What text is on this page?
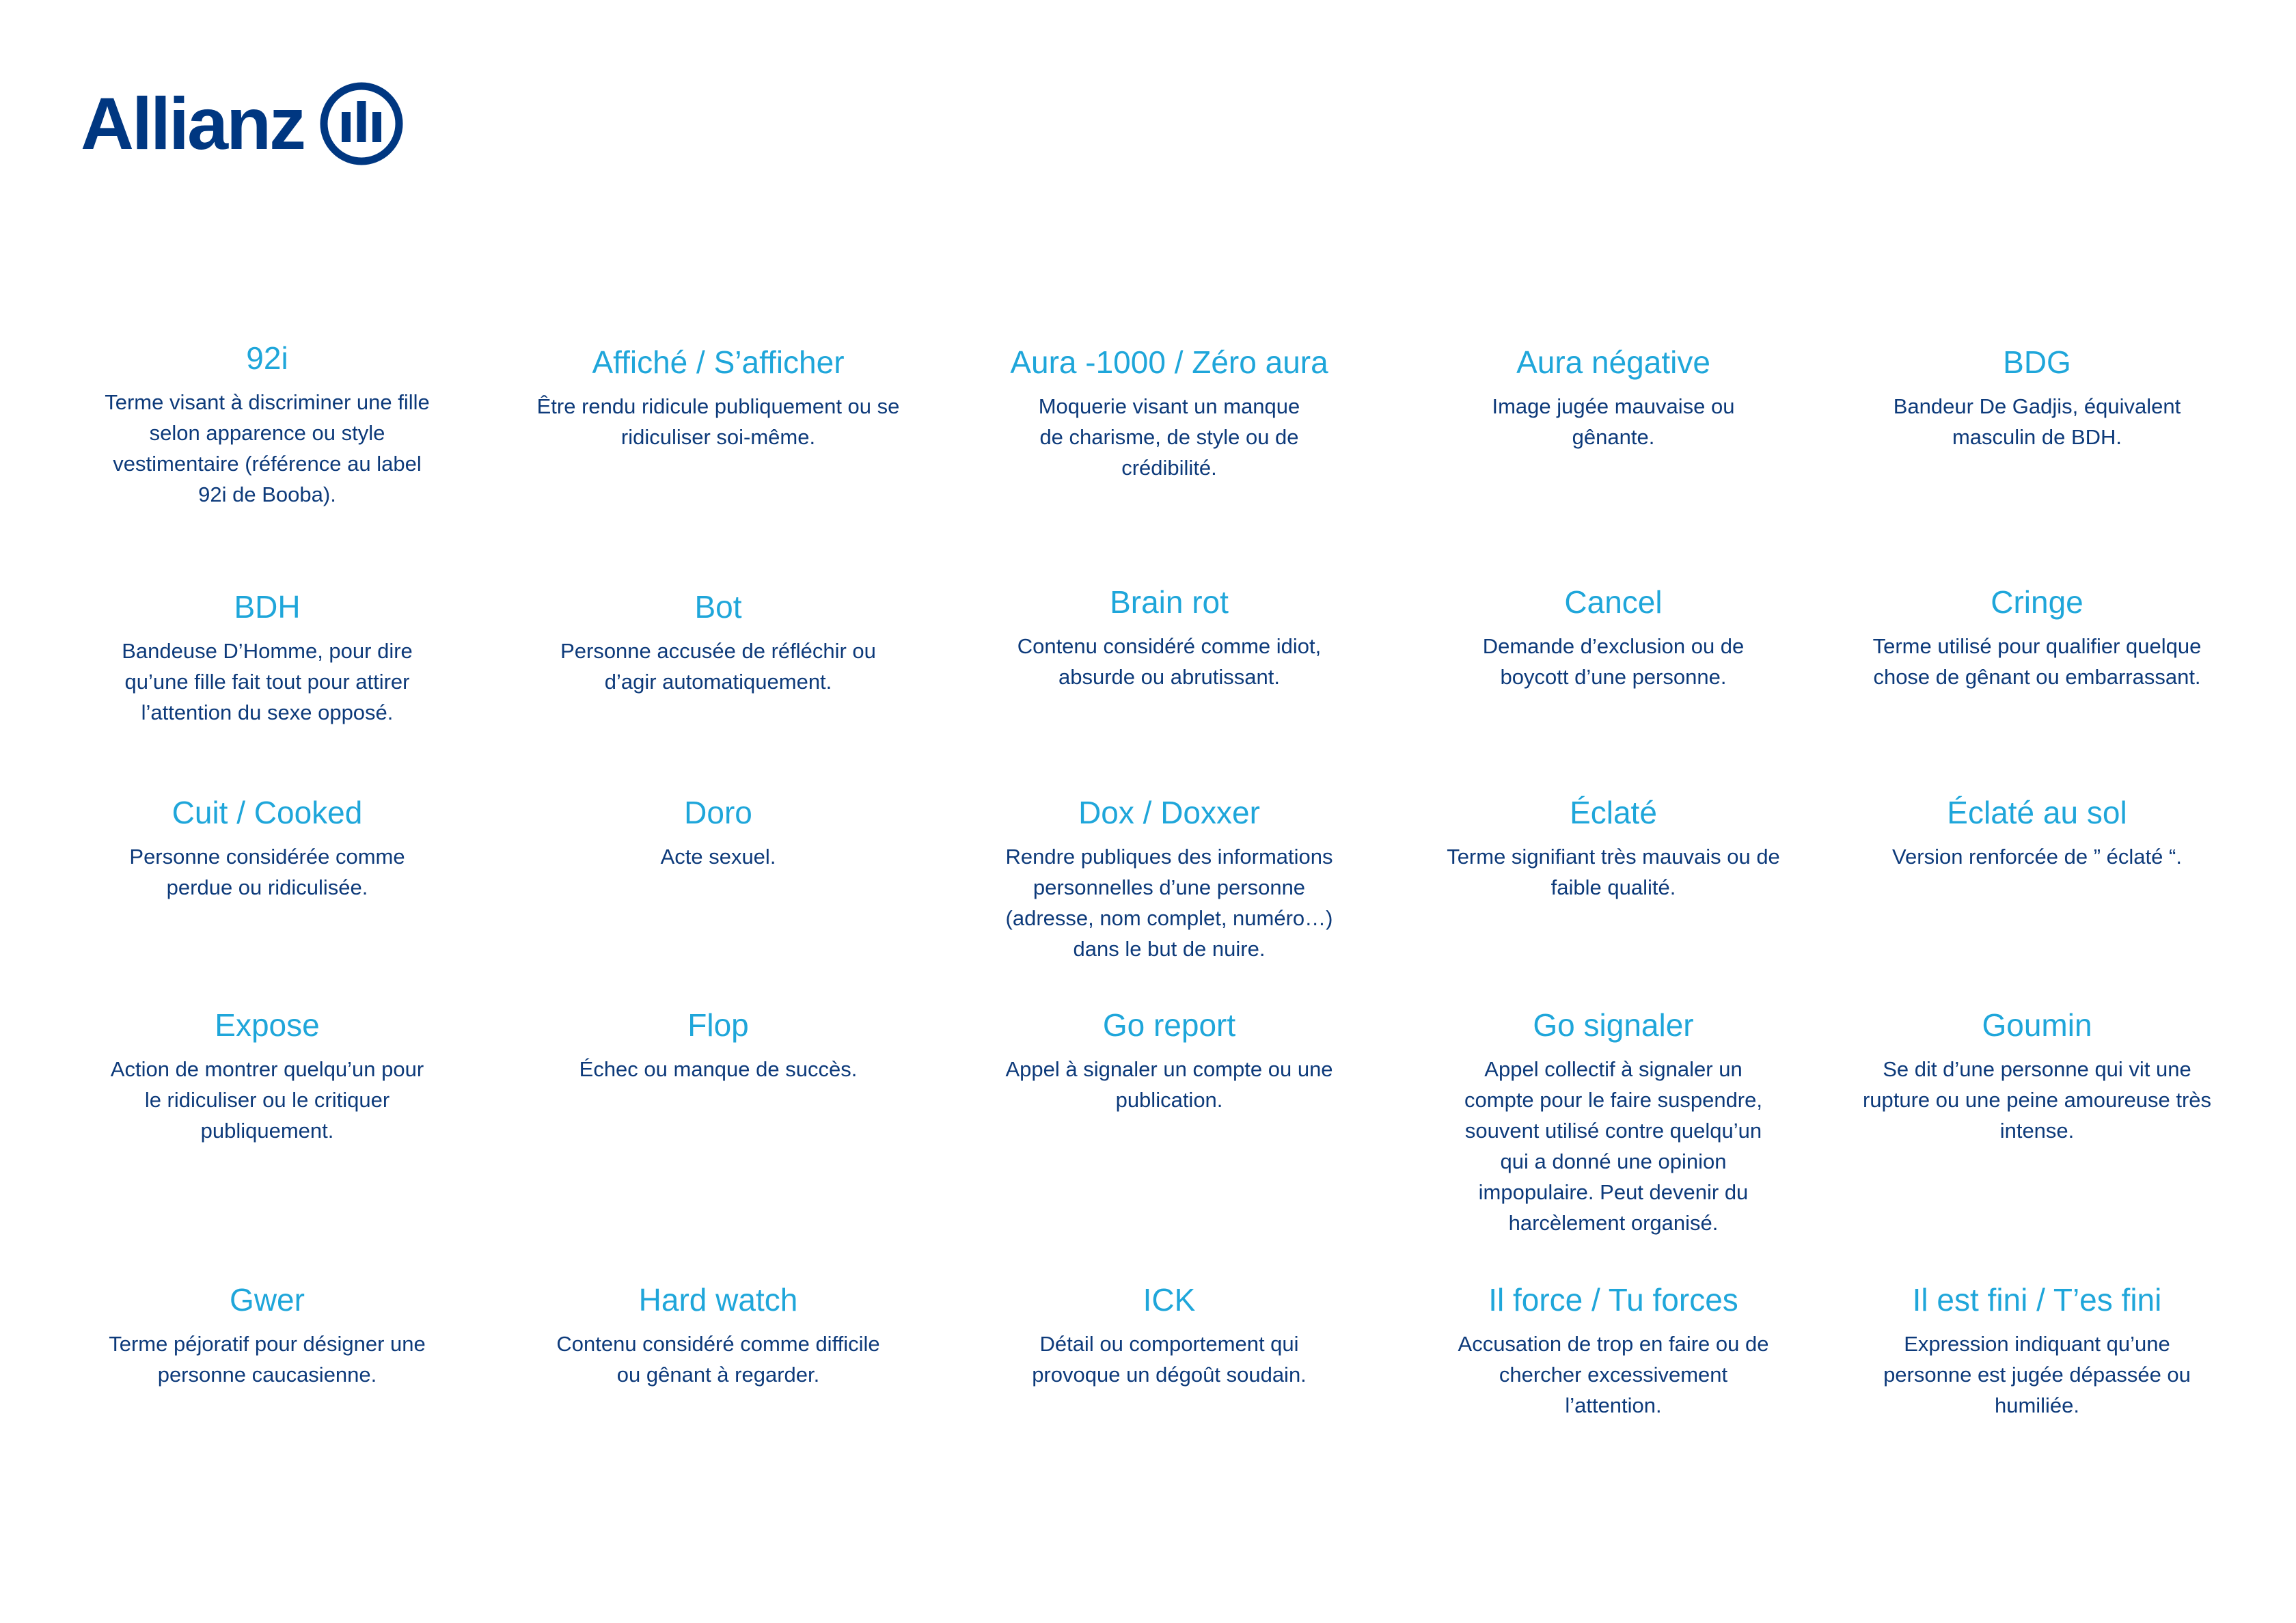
Allianz
92i
Terme visant à discriminer une fille selon apparence ou style vestimentaire (référence au label 92i de Booba).
Affiché / S’afficher
Être rendu ridicule publiquement ou se ridiculiser soi-même.
Aura -1000 / Zéro aura
Moquerie visant un manque de charisme, de style ou de crédibilité.
Aura négative
Image jugée mauvaise ou gênante.
BDG
Bandeur De Gadjis, équivalent masculin de BDH.
BDH
Bandeuse D’Homme, pour dire qu’une fille fait tout pour attirer l’attention du sexe opposé.
Bot
Personne accusée de réfléchir ou d’agir automatiquement.
Brain rot
Contenu considéré comme idiot, absurde ou abrutissant.
Cancel
Demande d’exclusion ou de boycott d’une personne.
Cringe
Terme utilisé pour qualifier quelque chose de gênant ou embarrassant.
Cuit / Cooked
Personne considérée comme perdue ou ridiculisée.
Doro
Acte sexuel.
Dox / Doxxer
Rendre publiques des informations personnelles d’une personne (adresse, nom complet, numéro…) dans le but de nuire.
Éclaté
Terme signifiant très mauvais ou de faible qualité.
Éclaté au sol
Version renforcée de ” éclaté “.
Expose
Action de montrer quelqu’un pour le ridiculiser ou le critiquer publiquement.
Flop
Échec ou manque de succès.
Go report
Appel à signaler un compte ou une publication.
Go signaler
Appel collectif à signaler un compte pour le faire suspendre, souvent utilisé contre quelqu’un qui a donné une opinion impopulaire. Peut devenir du harcèlement organisé.
Goumin
Se dit d’une personne qui vit une rupture ou une peine amoureuse très intense.
Gwer
Terme péjoratif pour désigner une personne caucasienne.
Hard watch
Contenu considéré comme difficile ou gênant à regarder.
ICK
Détail ou comportement qui provoque un dégoût soudain.
Il force / Tu forces
Accusation de trop en faire ou de chercher excessivement l’attention.
Il est fini / T’es fini
Expression indiquant qu’une personne est jugée dépassée ou humiliée.
